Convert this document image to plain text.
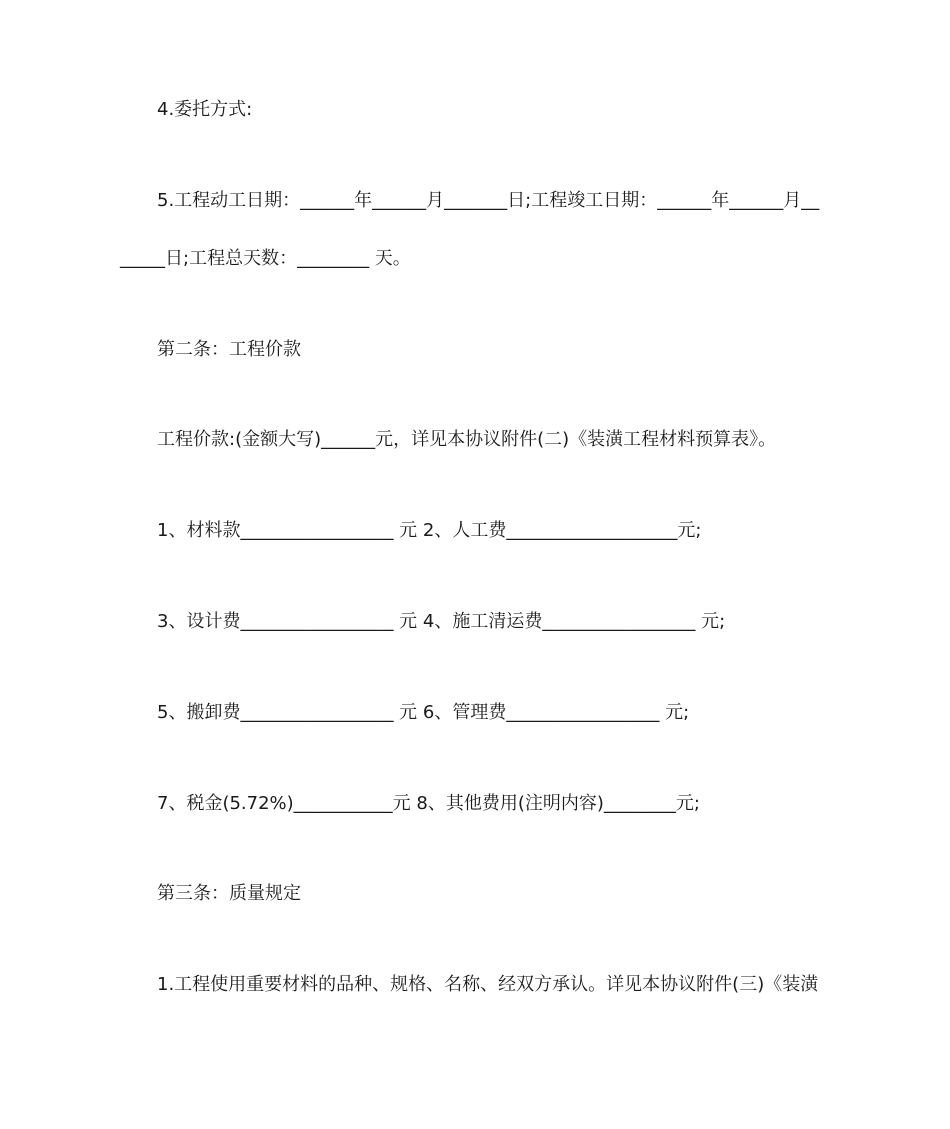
4.委托方式:
5.工程动工日期：______年______月_______日;工程竣工日期：______年______月__
_____日;工程总天数：________ 天。
第二条：工程价款
工程价款:(金额大写)______元，详见本协议附件(二)《装潢工程材料预算表》。
1、材料款_________________ 元 2、人工费___________________元;
3、设计费_________________ 元 4、施工清运费_________________ 元;
5、搬卸费_________________ 元 6、管理费_________________ 元;
7、税金(5.72%)___________元 8、其他费用(注明内容)________元;
第三条：质量规定
1.工程使用重要材料的品种、规格、名称、经双方承认。详见本协议附件(三)《装潢
